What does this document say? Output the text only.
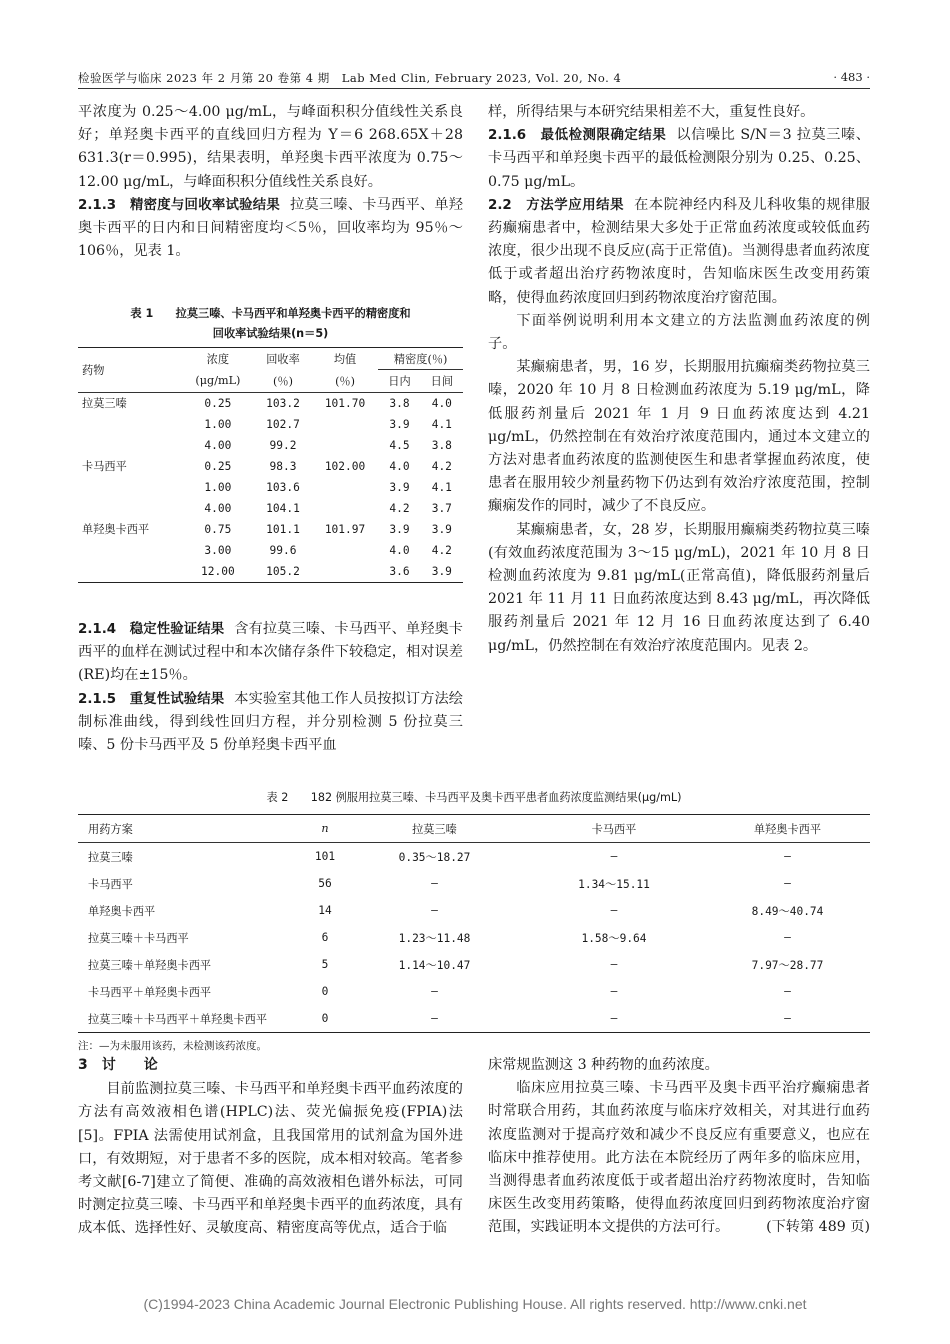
检验医学与临床 2023 年 2 月第 20 卷第 4 期　Lab Med Clin, February 2023, Vol. 20, No. 4	· 483 ·

平浓度为 0.25～4.00 μg/mL，与峰面积积分值线性关系良好；单羟奥卡西平的直线回归方程为 Y＝6 268.65X＋28 631.3(r＝0.995)，结果表明，单羟奥卡西平浓度为 0.75～12.00 μg/mL，与峰面积积分值线性关系良好。

2.1.3　精密度与回收率试验结果 拉莫三嗪、卡马西平、单羟奥卡西平的日内和日间精密度均＜5％，回收率均为 95％～106％，见表 1。

表 1　　拉莫三嗪、卡马西平和单羟奥卡西平的精密度和
回收率试验结果(n＝5)
药物	浓度	回收率	均值	精密度(％)	
	(μg/mL)	(％)	(％)	日内	日间
拉莫三嗪	0.25	103.2	101.70	3.8	4.0
	1.00	102.7		3.9	4.1
	4.00	99.2		4.5	3.8
卡马西平	0.25	98.3	102.00	4.0	4.2
	1.00	103.6		3.9	4.1
	4.00	104.1		4.2	3.7
单羟奥卡西平	0.75	101.1	101.97	3.9	3.9
	3.00	99.6		4.0	4.2
	12.00	105.2		3.6	3.9

2.1.4　稳定性验证结果 含有拉莫三嗪、卡马西平、单羟奥卡西平的血样在测试过程中和本次储存条件下较稳定，相对误差(RE)均在±15％。

2.1.5　重复性试验结果 本实验室其他工作人员按拟订方法绘制标准曲线，得到线性回归方程，并分别检测 5 份拉莫三嗪、5 份卡马西平及 5 份单羟奥卡西平血

样，所得结果与本研究结果相差不大，重复性良好。

2.1.6　最低检测限确定结果 以信噪比 S/N＝3 拉莫三嗪、卡马西平和单羟奥卡西平的最低检测限分别为 0.25、0.25、0.75 μg/mL。

2.2　方法学应用结果 在本院神经内科及儿科收集的规律服药癫痫患者中，检测结果大多处于正常血药浓度或较低血药浓度，很少出现不良反应(高于正常值)。当测得患者血药浓度低于或者超出治疗药物浓度时，告知临床医生改变用药策略，使得血药浓度回归到药物浓度治疗窗范围。

下面举例说明利用本文建立的方法监测血药浓度的例子。

某癫痫患者，男，16 岁，长期服用抗癫痫类药物拉莫三嗪，2020 年 10 月 8 日检测血药浓度为 5.19 μg/mL，降低服药剂量后 2021 年 1 月 9 日血药浓度达到 4.21 μg/mL，仍然控制在有效治疗浓度范围内，通过本文建立的方法对患者血药浓度的监测使医生和患者掌握血药浓度，使患者在服用较少剂量药物下仍达到有效治疗浓度范围，控制癫痫发作的同时，减少了不良反应。

某癫痫患者，女，28 岁，长期服用癫痫类药物拉莫三嗪(有效血药浓度范围为 3～15 μg/mL)，2021 年 10 月 8 日检测血药浓度为 9.81 μg/mL(正常高值)，降低服药剂量后 2021 年 11 月 11 日血药浓度达到 8.43 μg/mL，再次降低服药剂量后 2021 年 12 月 16 日血药浓度达到了 6.40 μg/mL，仍然控制在有效治疗浓度范围内。见表 2。

表 2　　182 例服用拉莫三嗪、卡马西平及奥卡西平患者血药浓度监测结果(μg/mL)
用药方案	n	拉莫三嗪	卡马西平	单羟奥卡西平
拉莫三嗪	101	0.35～18.27	—	—
卡马西平	56	—	1.34～15.11	—
单羟奥卡西平	14	—	—	8.49～40.74
拉莫三嗪＋卡马西平	6	1.23～11.48	1.58～9.64	—
拉莫三嗪＋单羟奥卡西平	5	1.14～10.47	—	7.97～28.77
卡马西平＋单羟奥卡西平	0	—	—	—
拉莫三嗪＋卡马西平＋单羟奥卡西平	0	—	—	—
注：—为未服用该药，未检测该药浓度。

3　讨　　论

目前监测拉莫三嗪、卡马西平和单羟奥卡西平血药浓度的方法有高效液相色谱(HPLC)法、荧光偏振免疫(FPIA)法[5]。FPIA 法需使用试剂盒，且我国常用的试剂盒为国外进口，有效期短，对于患者不多的医院，成本相对较高。笔者参考文献[6-7]建立了简便、准确的高效液相色谱外标法，可同时测定拉莫三嗪、卡马西平和单羟奥卡西平的血药浓度，具有成本低、选择性好、灵敏度高、精密度高等优点，适合于临

床常规监测这 3 种药物的血药浓度。

临床应用拉莫三嗪、卡马西平及奥卡西平治疗癫痫患者时常联合用药，其血药浓度与临床疗效相关，对其进行血药浓度监测对于提高疗效和减少不良反应有重要意义，也应在临床中推荐使用。此方法在本院经历了两年多的临床应用，当测得患者血药浓度低于或者超出治疗药物浓度时，告知临床医生改变用药策略，使得血药浓度回归到药物浓度治疗窗范围，实践证明本文提供的方法可行。	(下转第 489 页)

(C)1994-2023 China Academic Journal Electronic Publishing House. All rights reserved. http://www.cnki.net
